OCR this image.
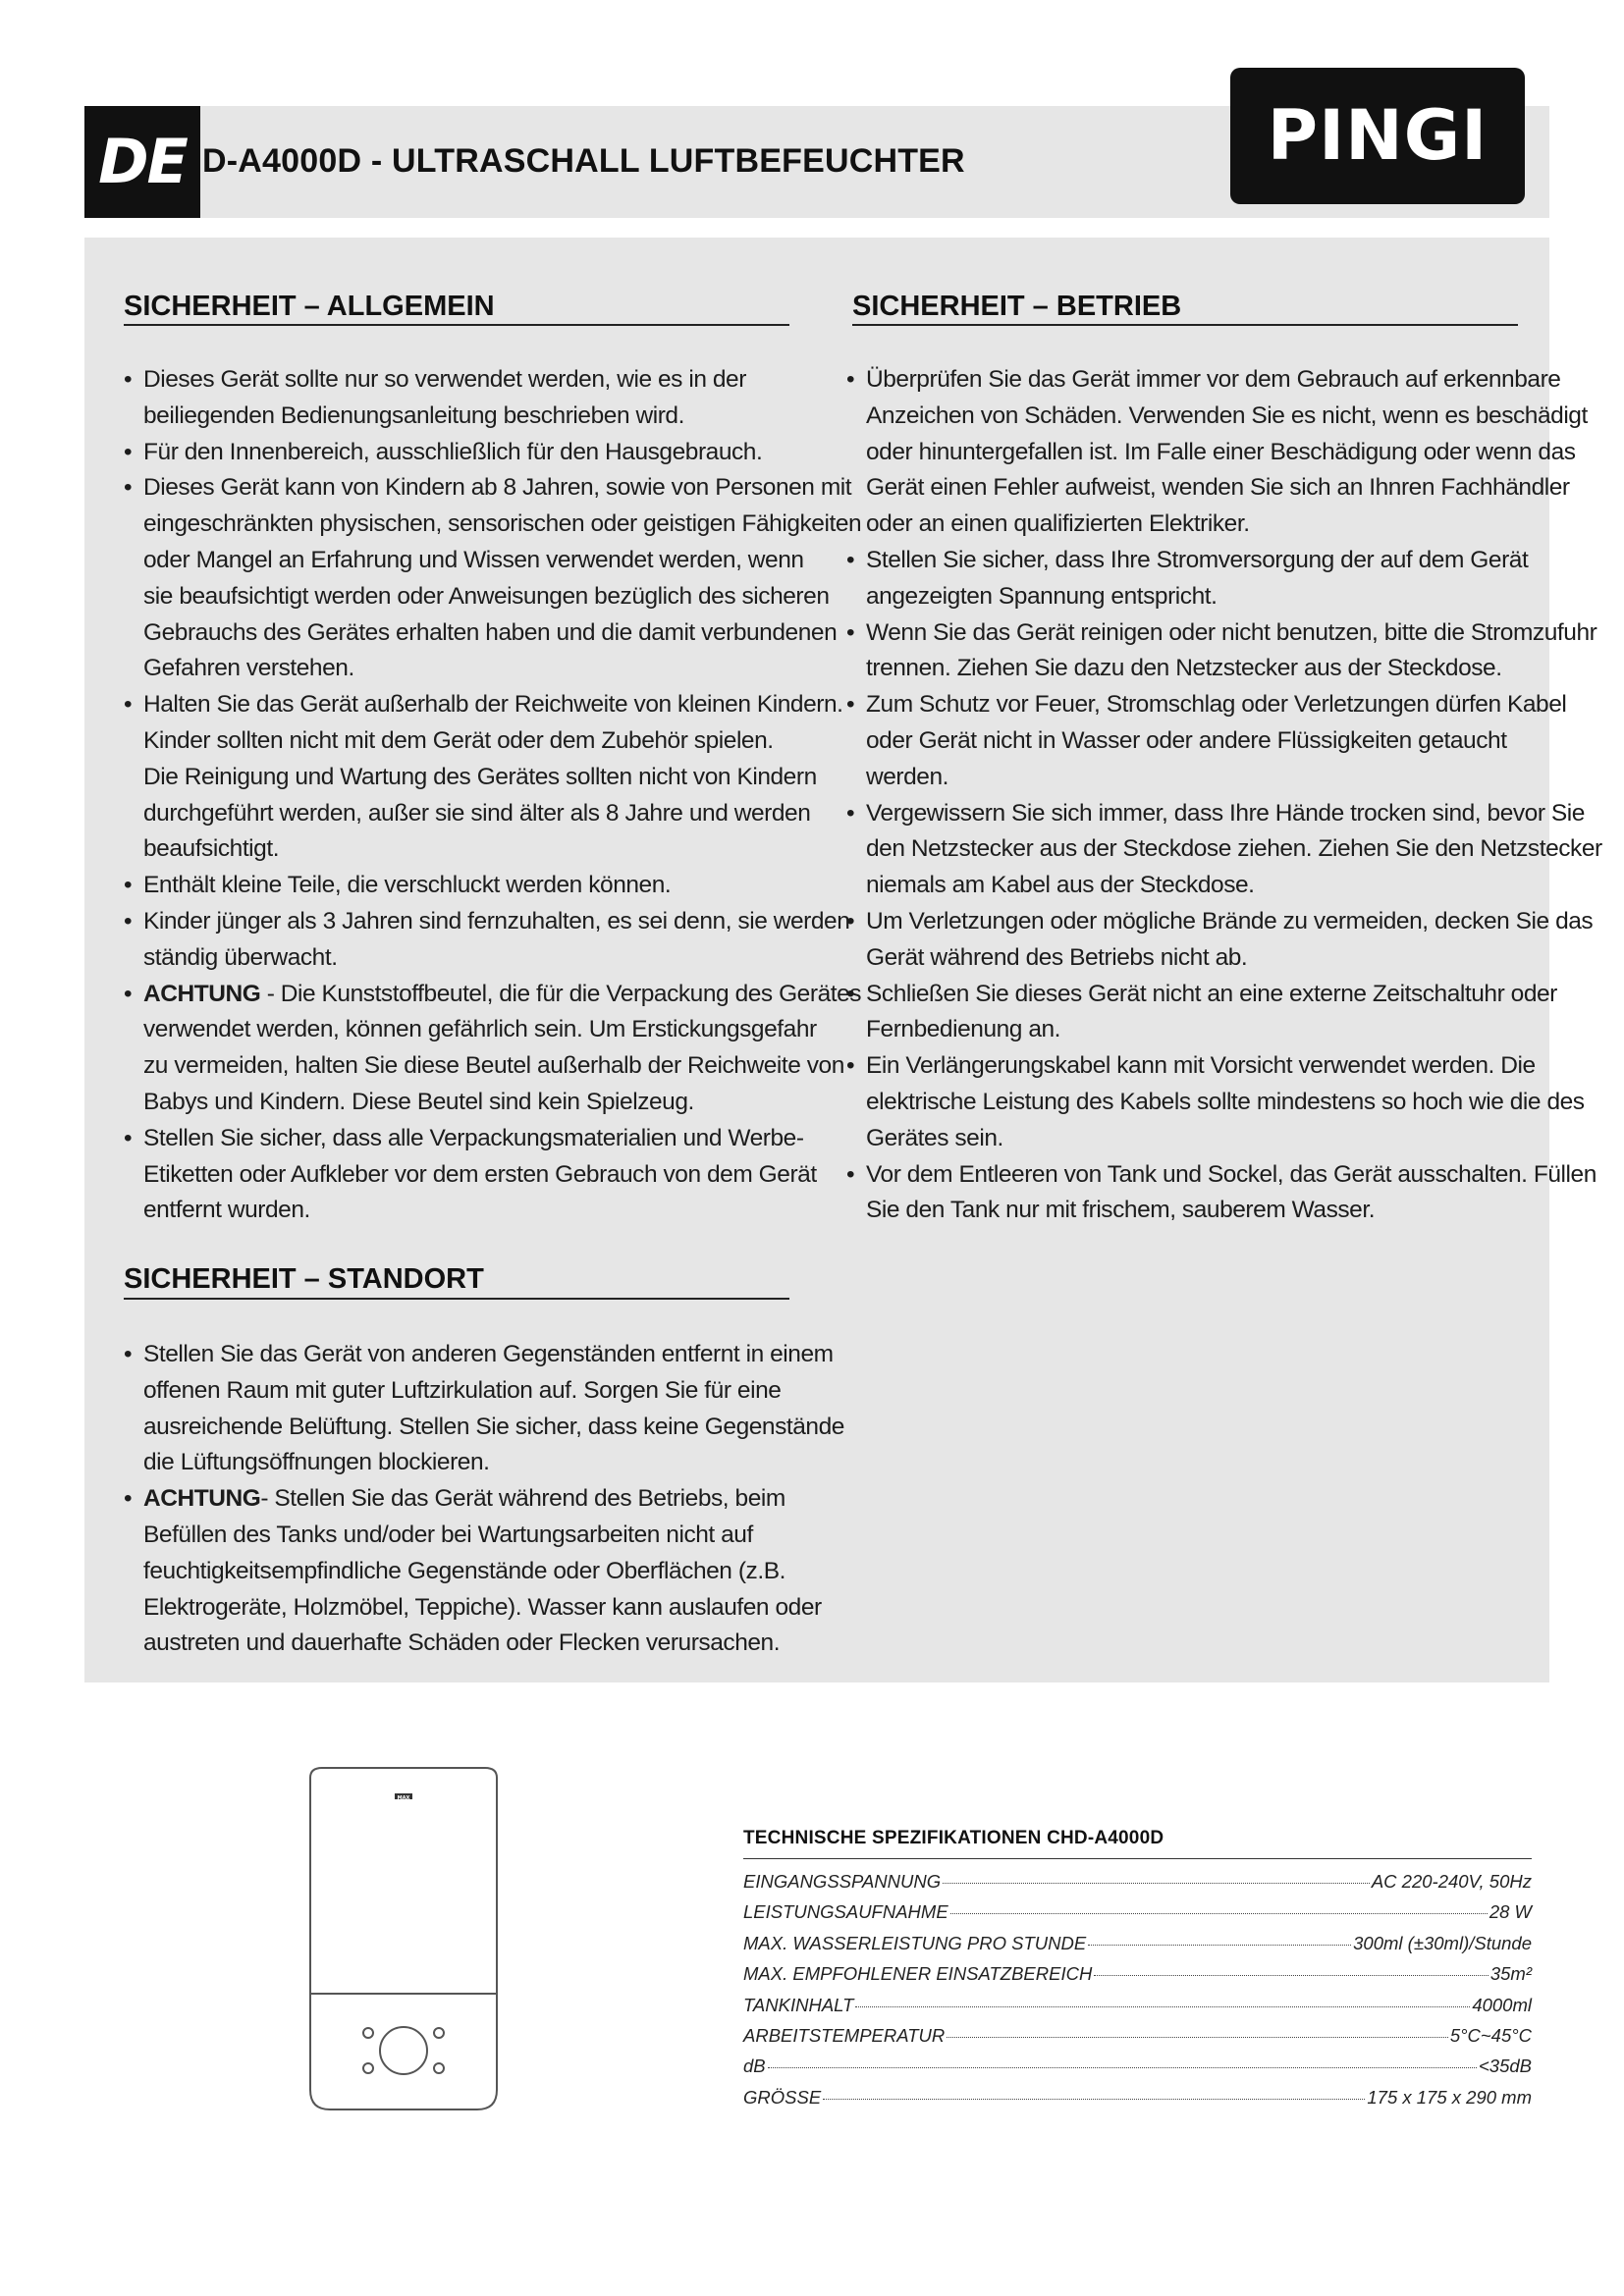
D-A4000D - ULTRASCHALL LUFTBEFEUCHTER
DE	PINGI
SICHERHEIT – ALLGEMEIN
• Dieses Gerät sollte nur so verwendet werden, wie es in der
beiliegenden Bedienungsanleitung beschrieben wird.
• Für den Innenbereich, ausschließlich für den Hausgebrauch.
• Dieses Gerät kann von Kindern ab 8 Jahren, sowie von Personen mit
eingeschränkten physischen, sensorischen oder geistigen Fähigkeiten
oder Mangel an Erfahrung und Wissen verwendet werden, wenn
sie beaufsichtigt werden oder Anweisungen bezüglich des sicheren
Gebrauchs des Gerätes erhalten haben und die damit verbundenen
Gefahren verstehen.
• Halten Sie das Gerät außerhalb der Reichweite von kleinen Kindern.
Kinder sollten nicht mit dem Gerät oder dem Zubehör spielen.
Die Reinigung und Wartung des Gerätes sollten nicht von Kindern
durchgeführt werden, außer sie sind älter als 8 Jahre und werden
beaufsichtigt.
• Enthält kleine Teile, die verschluckt werden können.
• Kinder jünger als 3 Jahren sind fernzuhalten, es sei denn, sie werden
ständig überwacht.
• ACHTUNG - Die Kunststoffbeutel, die für die Verpackung des Gerätes
verwendet werden, können gefährlich sein. Um Erstickungsgefahr
zu vermeiden, halten Sie diese Beutel außerhalb der Reichweite von
Babys und Kindern. Diese Beutel sind kein Spielzeug.
• Stellen Sie sicher, dass alle Verpackungsmaterialien und Werbe-
Etiketten oder Aufkleber vor dem ersten Gebrauch von dem Gerät
entfernt wurden.
SICHERHEIT – STANDORT
• Stellen Sie das Gerät von anderen Gegenständen entfernt in einem
offenen Raum mit guter Luftzirkulation auf. Sorgen Sie für eine
ausreichende Belüftung. Stellen Sie sicher, dass keine Gegenstände
die Lüftungsöffnungen blockieren.
• ACHTUNG- Stellen Sie das Gerät während des Betriebs, beim
Befüllen des Tanks und/oder bei Wartungsarbeiten nicht auf
feuchtigkeitsempfindliche Gegenstände oder Oberflächen (z.B.
Elektrogeräte, Holzmöbel, Teppiche). Wasser kann auslaufen oder
austreten und dauerhafte Schäden oder Flecken verursachen.
SICHERHEIT – BETRIEB
• Überprüfen Sie das Gerät immer vor dem Gebrauch auf erkennbare
Anzeichen von Schäden. Verwenden Sie es nicht, wenn es beschädigt
oder hinuntergefallen ist. Im Falle einer Beschädigung oder wenn das
Gerät einen Fehler aufweist, wenden Sie sich an Ihnren Fachhändler
oder an einen qualifizierten Elektriker.
• Stellen Sie sicher, dass Ihre Stromversorgung der auf dem Gerät
angezeigten Spannung entspricht.
• Wenn Sie das Gerät reinigen oder nicht benutzen, bitte die Stromzufuhr
trennen. Ziehen Sie dazu den Netzstecker aus der Steckdose.
• Zum Schutz vor Feuer, Stromschlag oder Verletzungen dürfen Kabel
oder Gerät nicht in Wasser oder andere Flüssigkeiten getaucht
werden.
• Vergewissern Sie sich immer, dass Ihre Hände trocken sind, bevor Sie
den Netzstecker aus der Steckdose ziehen. Ziehen Sie den Netzstecker
niemals am Kabel aus der Steckdose.
• Um Verletzungen oder mögliche Brände zu vermeiden, decken Sie das
Gerät während des Betriebs nicht ab.
• Schließen Sie dieses Gerät nicht an eine externe Zeitschaltuhr oder
Fernbedienung an.
• Ein Verlängerungskabel kann mit Vorsicht verwendet werden. Die
elektrische Leistung des Kabels sollte mindestens so hoch wie die des
Gerätes sein.
• Vor dem Entleeren von Tank und Sockel, das Gerät ausschalten. Füllen
Sie den Tank nur mit frischem, sauberem Wasser.
MAX
TECHNISCHE SPEZIFIKATIONEN CHD-A4000D
EINGANGSSPANNUNG	AC 220-240V, 50Hz
LEISTUNGSAUFNAHME	28 W
MAX. WASSERLEISTUNG PRO STUNDE	300ml (±30ml)/Stunde
MAX. EMPFOHLENER EINSATZBEREICH	35m²
TANKINHALT	4000ml
ARBEITSTEMPERATUR	5°C~45°C
dB	<35dB
GRÖSSE	175 x 175 x 290 mm
